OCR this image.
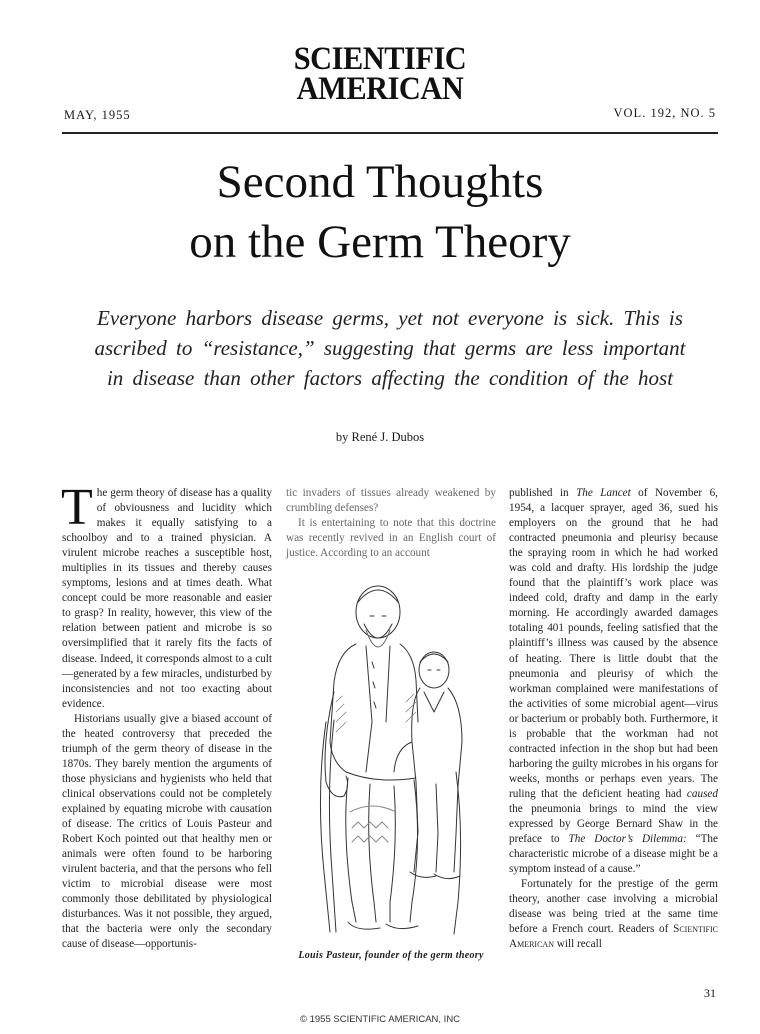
SCIENTIFIC
AMERICAN
MAY, 1955	VOL. 192, NO. 5
Second Thoughts
on the Germ Theory
Everyone harbors disease germs, yet not everyone is sick. This is
ascribed to “resistance,” suggesting that germs are less important
in disease than other factors affecting the condition of the host
by René J. Dubos

The germ theory of disease has a quality of obviousness and lucidity which makes it equally satisfying to a schoolboy and to a trained physician. A virulent microbe reaches a susceptible host, multiplies in its tissues and thereby causes symptoms, lesions and at times death. What concept could be more reasonable and easier to grasp? In reality, however, this view of the relation between patient and microbe is so oversimplified that it rarely fits the facts of disease. Indeed, it corresponds almost to a cult—generated by a few miracles, undisturbed by inconsistencies and not too exacting about evidence.

Historians usually give a biased account of the heated controversy that preceded the triumph of the germ theory of disease in the 1870s. They barely mention the arguments of those physicians and hygienists who held that clinical observations could not be completely explained by equating microbe with causation of disease. The critics of Louis Pasteur and Robert Koch pointed out that healthy men or animals were often found to be harboring virulent bacteria, and that the persons who fell victim to microbial disease were most commonly those debilitated by physiological disturbances. Was it not possible, they argued, that the bacteria were only the secondary cause of disease—opportunis-

tic invaders of tissues already weakened by crumbling defenses?

It is entertaining to note that this doctrine was recently revived in an English court of justice. According to an account

Louis Pasteur, founder of the germ theory

published in The Lancet of November 6, 1954, a lacquer sprayer, aged 36, sued his employers on the ground that he had contracted pneumonia and pleurisy because the spraying room in which he had worked was cold and drafty. His lordship the judge found that the plaintiff’s work place was indeed cold, drafty and damp in the early morning. He accordingly awarded damages totaling 401 pounds, feeling satisfied that the plaintiff’s illness was caused by the absence of heating. There is little doubt that the pneumonia and pleurisy of which the workman complained were manifestations of the activities of some microbial agent—virus or bacterium or probably both. Furthermore, it is probable that the workman had not contracted infection in the shop but had been harboring the guilty microbes in his organs for weeks, months or perhaps even years. The ruling that the deficient heating had caused the pneumonia brings to mind the view expressed by George Bernard Shaw in the preface to The Doctor’s Dilemma: “The characteristic microbe of a disease might be a symptom instead of a cause.”

Fortunately for the prestige of the germ theory, another case involving a microbial disease was being tried at the same time before a French court. Readers of Scientific American will recall

31
© 1955 SCIENTIFIC AMERICAN, INC
